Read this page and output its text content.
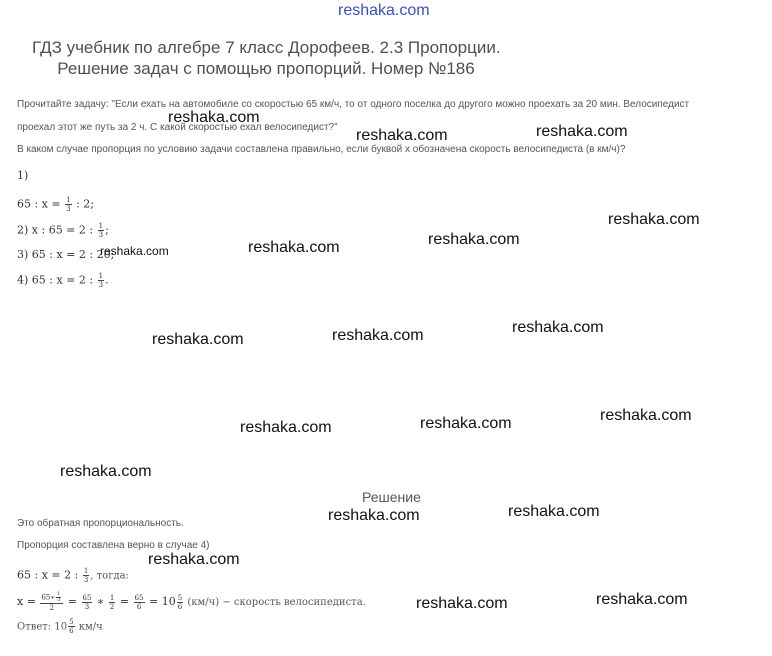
reshaka.com
ГДЗ учебник по алгебре 7 класс Дорофеев. 2.3 Пропорции.
Решение задач с помощью пропорций. Номер №186
Прочитайте задачу: "Если ехать на автомобиле со скоростью 65 км/ч, то от одного поселка до другого можно проехать за 20 мин. Велосипедист
проехал этот же путь за 2 ч. С какой скоростью ехал велосипедист?"
В каком случае пропорция по условию задачи составлена правильно, если буквой x обозначена скорость велосипедиста (в км/ч)?
1)
65 : $x = \frac{1}{3}$ : 2;
2) x : 65 = 2 : $\frac{1}{3}$ ;
3) 65 : x = 2 : 20;
4) 65 : x = 2 : $\frac{1}{3}$ .
Решение
Это обратная пропорциональность.
Пропорция составлена верно в случае 4)
65 : x = 2 : $\frac{1}{3}$ , тогда:
$x = \frac{65∗ \frac{1}{3}}{2} = \frac{65}{3}$ ∗ $\frac{1}{2} = \frac{65}{6} = 10 \frac{5}{6} (км/ч)$ − скорость велосипедиста.
Ответ: $10 \frac{5}{6} км/ч$
reshaka.com
reshaka.com	reshaka.com
reshaka.com
reshaka.com
reshaka.com
reshaka.com
reshaka.com
reshaka.com
reshaka.com
reshaka.com
reshaka.com
reshaka.com
reshaka.com
reshaka.com
reshaka.com
reshaka.com
reshaka.com
reshaka.com
